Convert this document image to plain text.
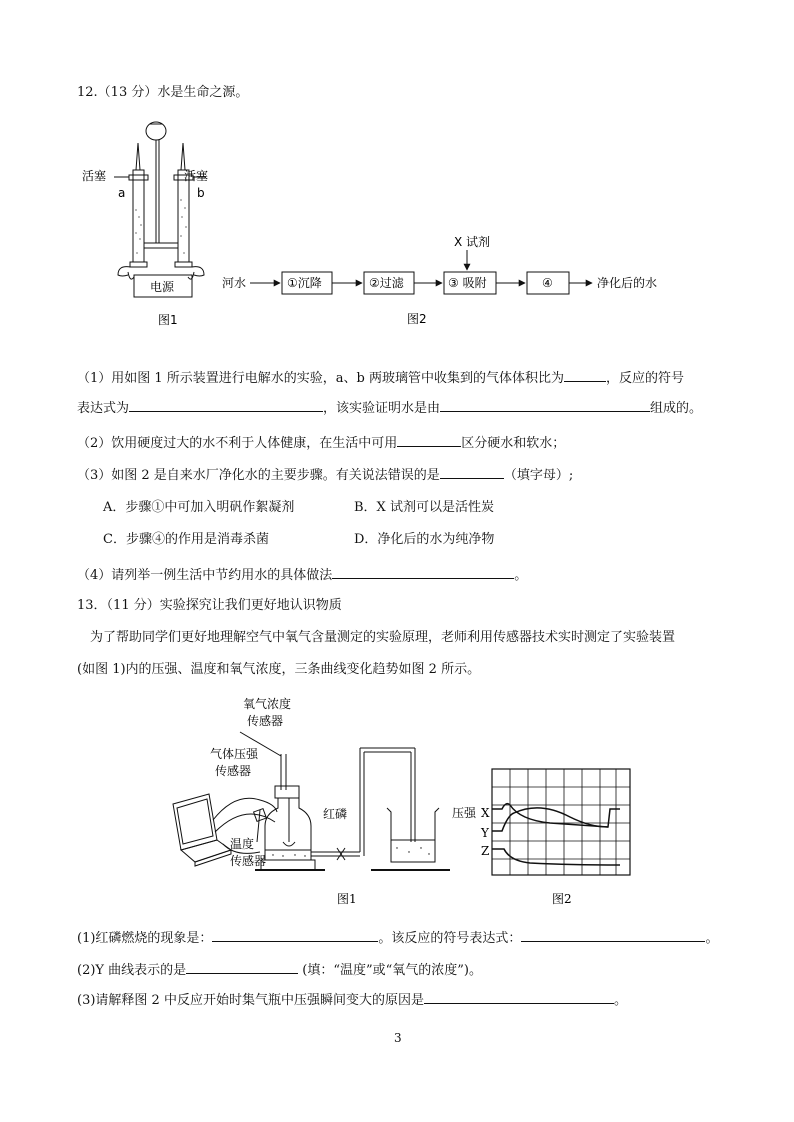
12.（13 分）水是生命之源。
活塞	活塞
a	b
电源
图1
X 试剂
河水	①沉降	②过滤	③ 吸附	④	净化后的水
图2
（1）用如图 1 所示装置进行电解水的实验，a、b 两玻璃管中收集到的气体体积比为	，反应的符号
表达式为	，该实验证明水是由	组成的。
（2）饮用硬度过大的水不利于人体健康，在生活中可用	区分硬水和软水；
（3）如图 2 是自来水厂净化水的主要步骤。有关说法错误的是	（填字母）;
A．步骤①中可加入明矾作絮凝剂	B．X 试剂可以是活性炭
C．步骤④的作用是消毒杀菌	D．净化后的水为纯净物
（4）请列举一例生活中节约用水的具体做法	。
13．（11 分）实验探究让我们更好地认识物质
为了帮助同学们更好地理解空气中氧气含量测定的实验原理，老师利用传感器技术实时测定了实验装置
(如图 1)内的压强、温度和氧气浓度，三条曲线变化趋势如图 2 所示。
氧气浓度
传感器
气体压强
传感器
红磷
温度
传感器
图1
压强 X
Y
Z
图2
(1)红磷燃烧的现象是：	。该反应的符号表达式：	。
(2)Y 曲线表示的是	(填：“温度”或“氧气的浓度”)。
(3)请解释图 2 中反应开始时集气瓶中压强瞬间变大的原因是	。
3
